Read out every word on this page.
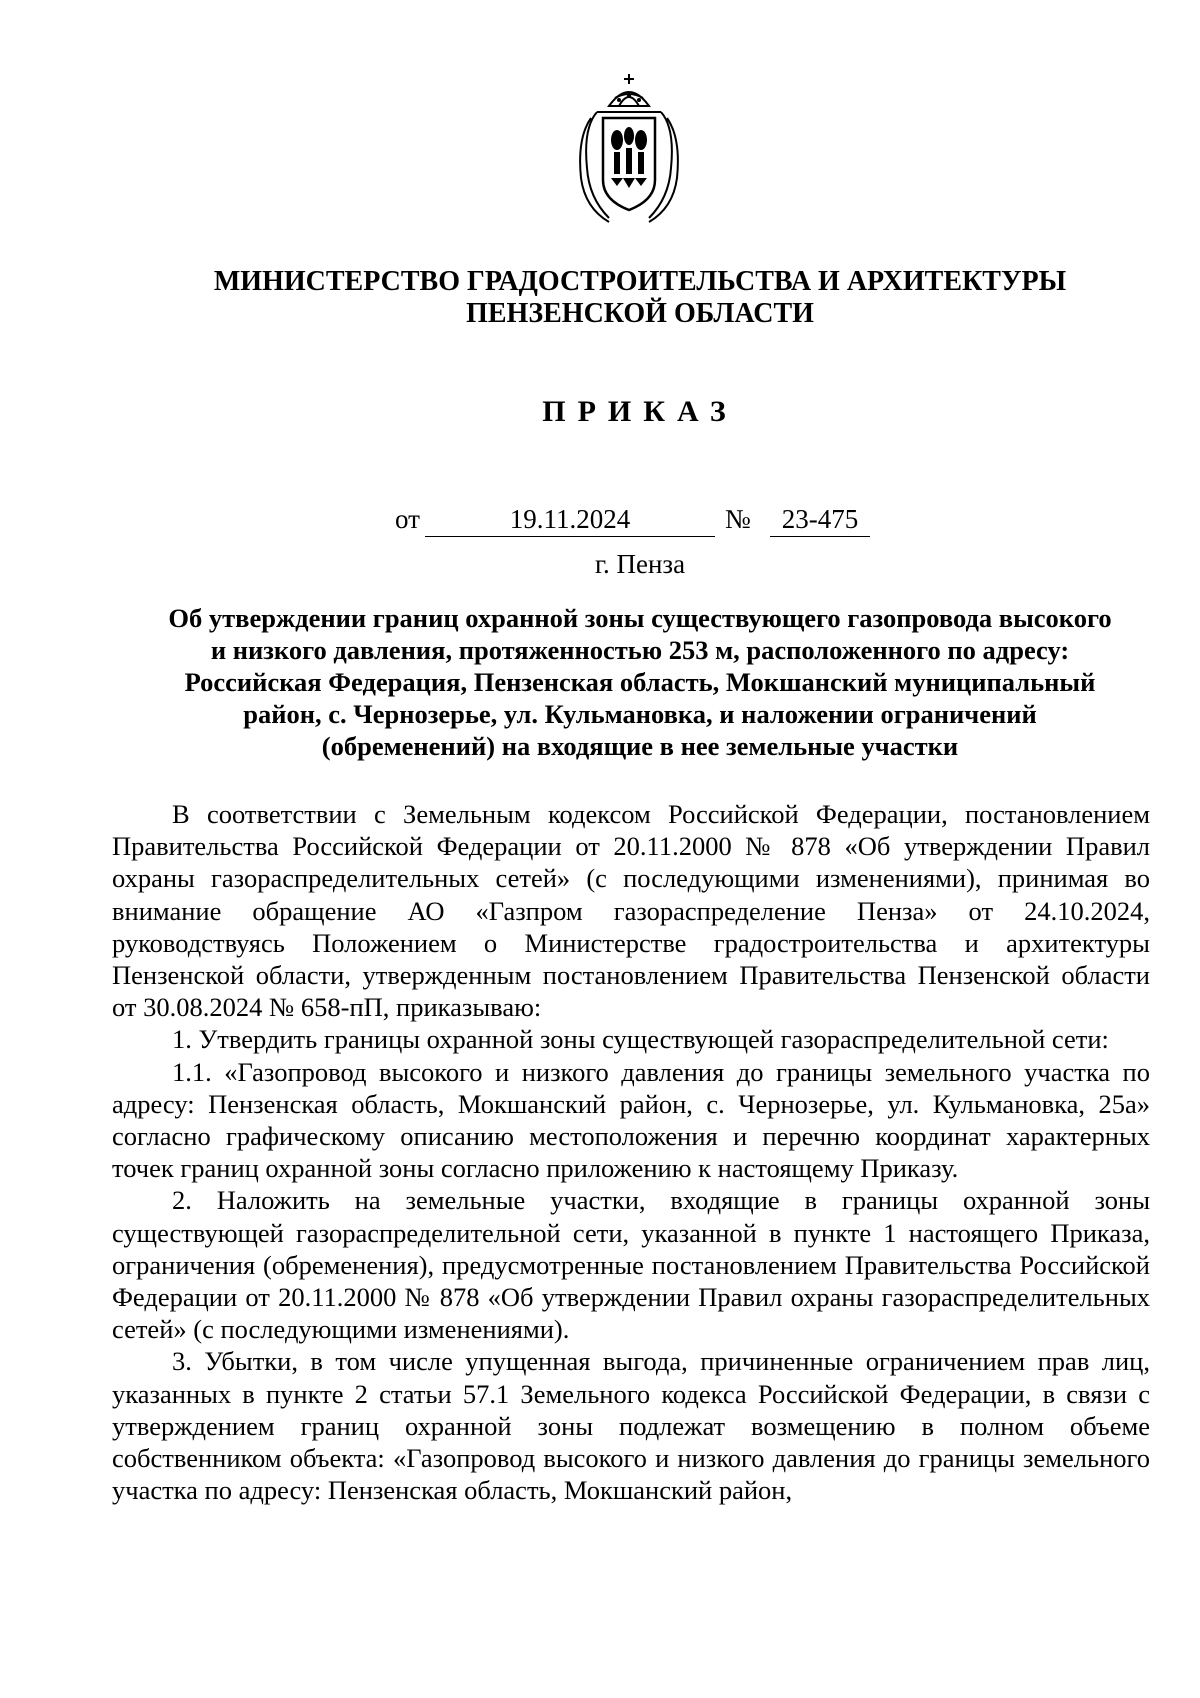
МИНИСТЕРСТВО ГРАДОСТРОИТЕЛЬСТВА И АРХИТЕКТУРЫ
ПЕНЗЕНСКОЙ ОБЛАСТИ
ПРИКАЗ
от	19.11.2024	№	23-475
г. Пенза
Об утверждении границ охранной зоны существующего газопровода высокого
и низкого давления, протяженностью 253 м, расположенного по адресу:
Российская Федерация, Пензенская область, Мокшанский муниципальный
район, с. Чернозерье, ул. Кульмановка, и наложении ограничений
(обременений) на входящие в нее земельные участки

В соответствии с Земельным кодексом Российской Федерации, постановлением Правительства Российской Федерации от 20.11.2000 № 878 «Об утверждении Правил охраны газораспределительных сетей» (с последующими изменениями), принимая во внимание обращение АО «Газпром газораспределение Пенза» от 24.10.2024, руководствуясь Положением о Министерстве градостроительства и архитектуры Пензенской области, утвержденным постановлением Правительства Пензенской области от 30.08.2024 № 658-пП, приказываю:

1. Утвердить границы охранной зоны существующей газораспределительной сети:

1.1. «Газопровод высокого и низкого давления до границы земельного участка по адресу: Пензенская область, Мокшанский район, с. Чернозерье, ул. Кульмановка, 25а» согласно графическому описанию местоположения и перечню координат характерных точек границ охранной зоны согласно приложению к настоящему Приказу.

2. Наложить на земельные участки, входящие в границы охранной зоны существующей газораспределительной сети, указанной в пункте 1 настоящего Приказа, ограничения (обременения), предусмотренные постановлением Правительства Российской Федерации от 20.11.2000 № 878 «Об утверждении Правил охраны газораспределительных сетей» (с последующими изменениями).

3. Убытки, в том числе упущенная выгода, причиненные ограничением прав лиц, указанных в пункте 2 статьи 57.1 Земельного кодекса Российской Федерации, в связи с утверждением границ охранной зоны подлежат возмещению в полном объеме собственником объекта: «Газопровод высокого и низкого давления до границы земельного участка по адресу: Пензенская область, Мокшанский район,
